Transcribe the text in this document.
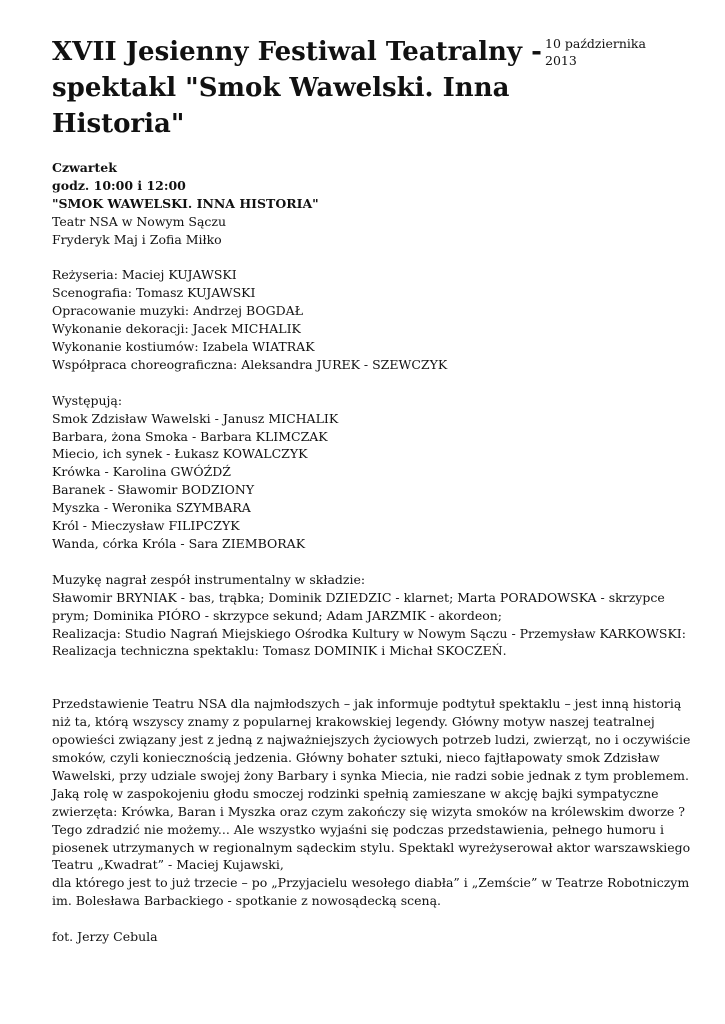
XVII Jesienny Festiwal Teatralny -
spektakl "Smok Wawelski. Inna
Historia"
10 października
2013
Czwartek
godz. 10:00 i 12:00
"SMOK WAWELSKI. INNA HISTORIA"
Teatr NSA w Nowym Sączu
Fryderyk Maj i Zofia Miłko
Reżyseria: Maciej KUJAWSKI
Scenografia: Tomasz KUJAWSKI
Opracowanie muzyki: Andrzej BOGDAŁ
Wykonanie dekoracji: Jacek MICHALIK
Wykonanie kostiumów: Izabela WIATRAK
Współpraca choreograficzna: Aleksandra JUREK - SZEWCZYK
Występują:
Smok Zdzisław Wawelski - Janusz MICHALIK
Barbara, żona Smoka - Barbara KLIMCZAK
Miecio, ich synek - Łukasz KOWALCZYK
Krówka - Karolina GWÓŹDŹ
Baranek - Sławomir BODZIONY
Myszka - Weronika SZYMBARA
Król - Mieczysław FILIPCZYK
Wanda, córka Króla - Sara ZIEMBORAK
Muzykę nagrał zespół instrumentalny w składzie:
Sławomir BRYNIAK - bas, trąbka; Dominik DZIEDZIC - klarnet; Marta PORADOWSKA - skrzypce
prym; Dominika PIÓRO - skrzypce sekund; Adam JARZMIK - akordeon;
Realizacja: Studio Nagrań Miejskiego Ośrodka Kultury w Nowym Sączu - Przemysław KARKOWSKI:
Realizacja techniczna spektaklu: Tomasz DOMINIK i Michał SKOCZEŃ.
Przedstawienie Teatru NSA dla najmłodszych – jak informuje podtytuł spektaklu – jest inną historią
niż ta, którą wszyscy znamy z popularnej krakowskiej legendy. Główny motyw naszej teatralnej
opowieści związany jest z jedną z najważniejszych życiowych potrzeb ludzi, zwierząt, no i oczywiście
smoków, czyli koniecznością jedzenia. Główny bohater sztuki, nieco fajtłapowaty smok Zdzisław
Wawelski, przy udziale swojej żony Barbary i synka Miecia, nie radzi sobie jednak z tym problemem.
Jaką rolę w zaspokojeniu głodu smoczej rodzinki spełnią zamieszane w akcję bajki sympatyczne
zwierzęta: Krówka, Baran i Myszka oraz czym zakończy się wizyta smoków na królewskim dworze ?
Tego zdradzić nie możemy... Ale wszystko wyjaśni się podczas przedstawienia, pełnego humoru i
piosenek utrzymanych w regionalnym sądeckim stylu. Spektakl wyreżyserował aktor warszawskiego
Teatru „Kwadrat” - Maciej Kujawski,
dla którego jest to już trzecie – po „Przyjacielu wesołego diabła” i „Zemście” w Teatrze Robotniczym
im. Bolesława Barbackiego - spotkanie z nowosądecką sceną.
fot. Jerzy Cebula
